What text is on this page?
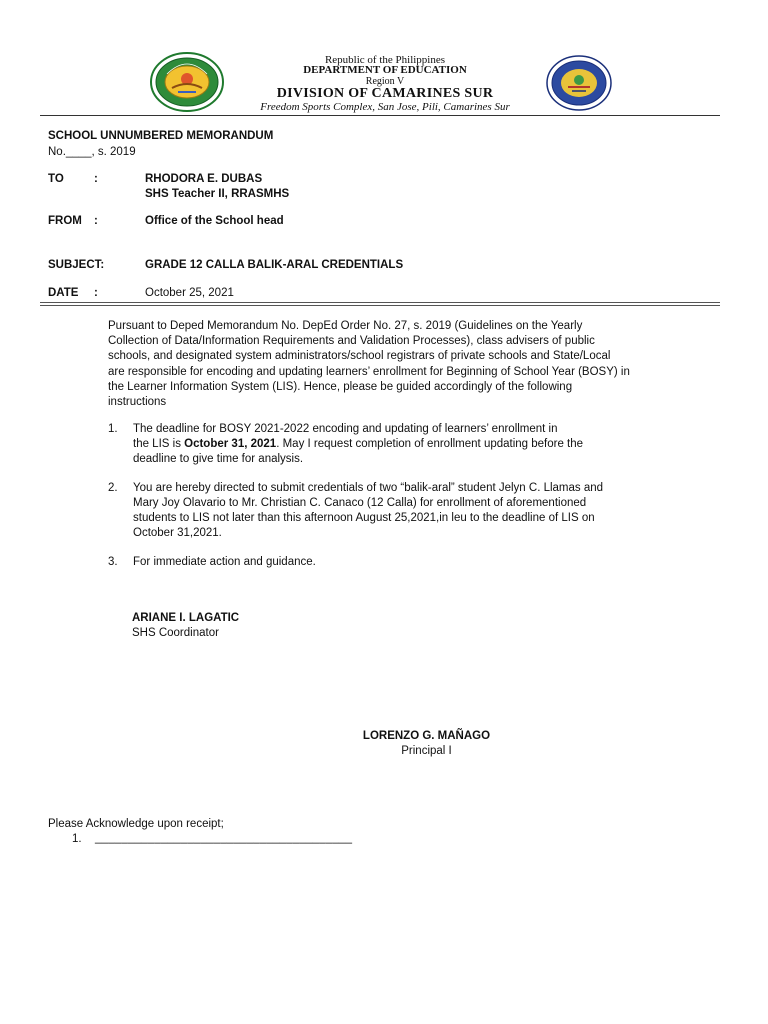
Republic of the Philippines
DEPARTMENT OF EDUCATION
Region V
DIVISION OF CAMARINES SUR
Freedom Sports Complex, San Jose, Pili, Camarines Sur
SCHOOL UNNUMBERED MEMORANDUM
No.____, s. 2019
TO	:	RHODORA E. DUBAS
SHS Teacher II, RRASMHS
FROM :	Office of the School head
SUBJECT:	GRADE 12 CALLA BALIK-ARAL CREDENTIALS
DATE :	October 25, 2021
Pursuant to Deped Memorandum No. DepEd Order No. 27, s. 2019 (Guidelines on the Yearly
Collection of Data/Information Requirements and Validation Processes), class advisers of public
schools, and designated system administrators/school registrars of private schools and State/Local
are responsible for encoding and updating learners’ enrollment for Beginning of School Year (BOSY) in
the Learner Information System (LIS). Hence, please be guided accordingly of the following
instructions
1. The deadline for BOSY 2021-2022 encoding and updating of learners’ enrollment in
the LIS is October 31, 2021. May I request completion of enrollment updating before the
deadline to give time for analysis.
2. You are hereby directed to submit credentials of two “balik-aral” student Jelyn C. Llamas and
Mary Joy Olavario to Mr. Christian C. Canaco (12 Calla) for enrollment of aforementioned
students to LIS not later than this afternoon August 25,2021,in leu to the deadline of LIS on
October 31,2021.
3. For immediate action and guidance.
ARIANE I. LAGATIC
SHS Coordinator
LORENZO G. MAÑAGO
Principal I
Please Acknowledge upon receipt;
1. _______________________________________
